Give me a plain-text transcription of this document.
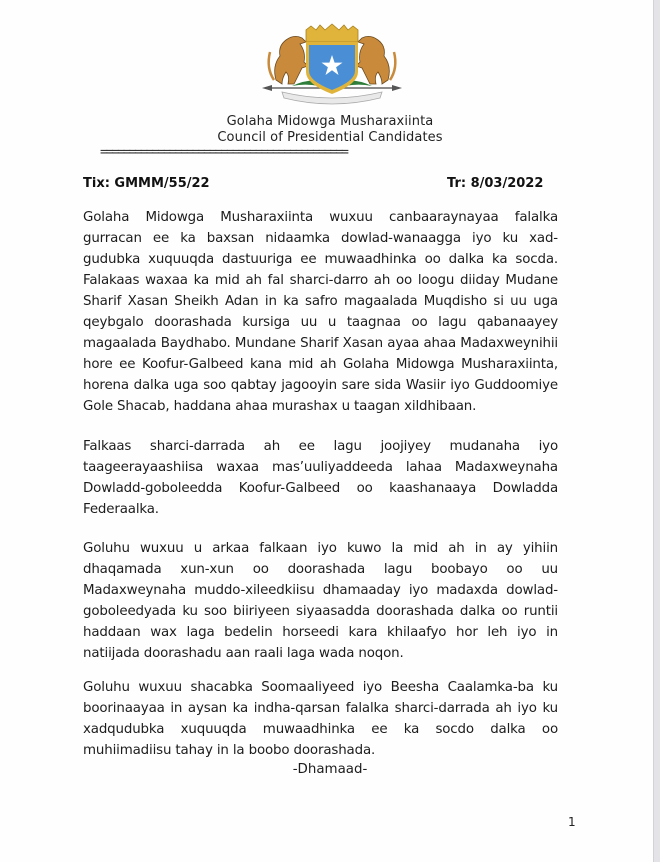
Golaha Midowga Musharaxiinta
Council of Presidential Candidates
===========================================
Tix: GMMM/55/22	Tr: 8/03/2022
Golaha Midowga Musharaxiinta wuxuu canbaaraynayaa falalka gurracan ee ka baxsan nidaamka dowlad-wanaagga iyo ku xad-gudubka xuquuqda dastuuriga ee muwaadhinka oo dalka ka socda. Falakaas waxaa ka mid ah fal sharci-darro ah oo loogu diiday Mudane Sharif Xasan Sheikh Adan in ka safro magaalada Muqdisho si uu uga qeybgalo doorashada kursiga uu u taagnaa oo lagu qabanaayey magaalada Baydhabo. Mundane Sharif Xasan ayaa ahaa Madaxweynihii hore ee Koofur-Galbeed kana mid ah Golaha Midowga Musharaxiinta, horena dalka uga soo qabtay jagooyin sare sida Wasiir iyo Guddoomiye Gole Shacab, haddana ahaa murashax u taagan xildhibaan.
Falkaas sharci-darrada ah ee lagu joojiyey mudanaha iyo taageerayaashiisa waxaa mas’uuliyaddeeda lahaa Madaxweynaha Dowladd-goboleedda Koofur-Galbeed oo kaashanaaya Dowladda Federaalka.
Goluhu wuxuu u arkaa falkaan iyo kuwo la mid ah in ay yihiin dhaqamada xun-xun oo doorashada lagu boobayo oo uu Madaxweynaha muddo-xileedkiisu dhamaaday iyo madaxda dowlad-goboleedyada ku soo biiriyeen siyaasadda doorashada dalka oo runtii haddaan wax laga bedelin horseedi kara khilaafyo hor leh iyo in natiijada doorashadu aan raali laga wada noqon.
Goluhu wuxuu shacabka Soomaaliyeed iyo Beesha Caalamka-ba ku boorinaayaa in aysan ka indha-qarsan falalka sharci-darrada ah iyo ku xadqudubka xuquuqda muwaadhinka ee ka socdo dalka oo muhiimadiisu tahay in la boobo doorashada.
-Dhamaad-
1
